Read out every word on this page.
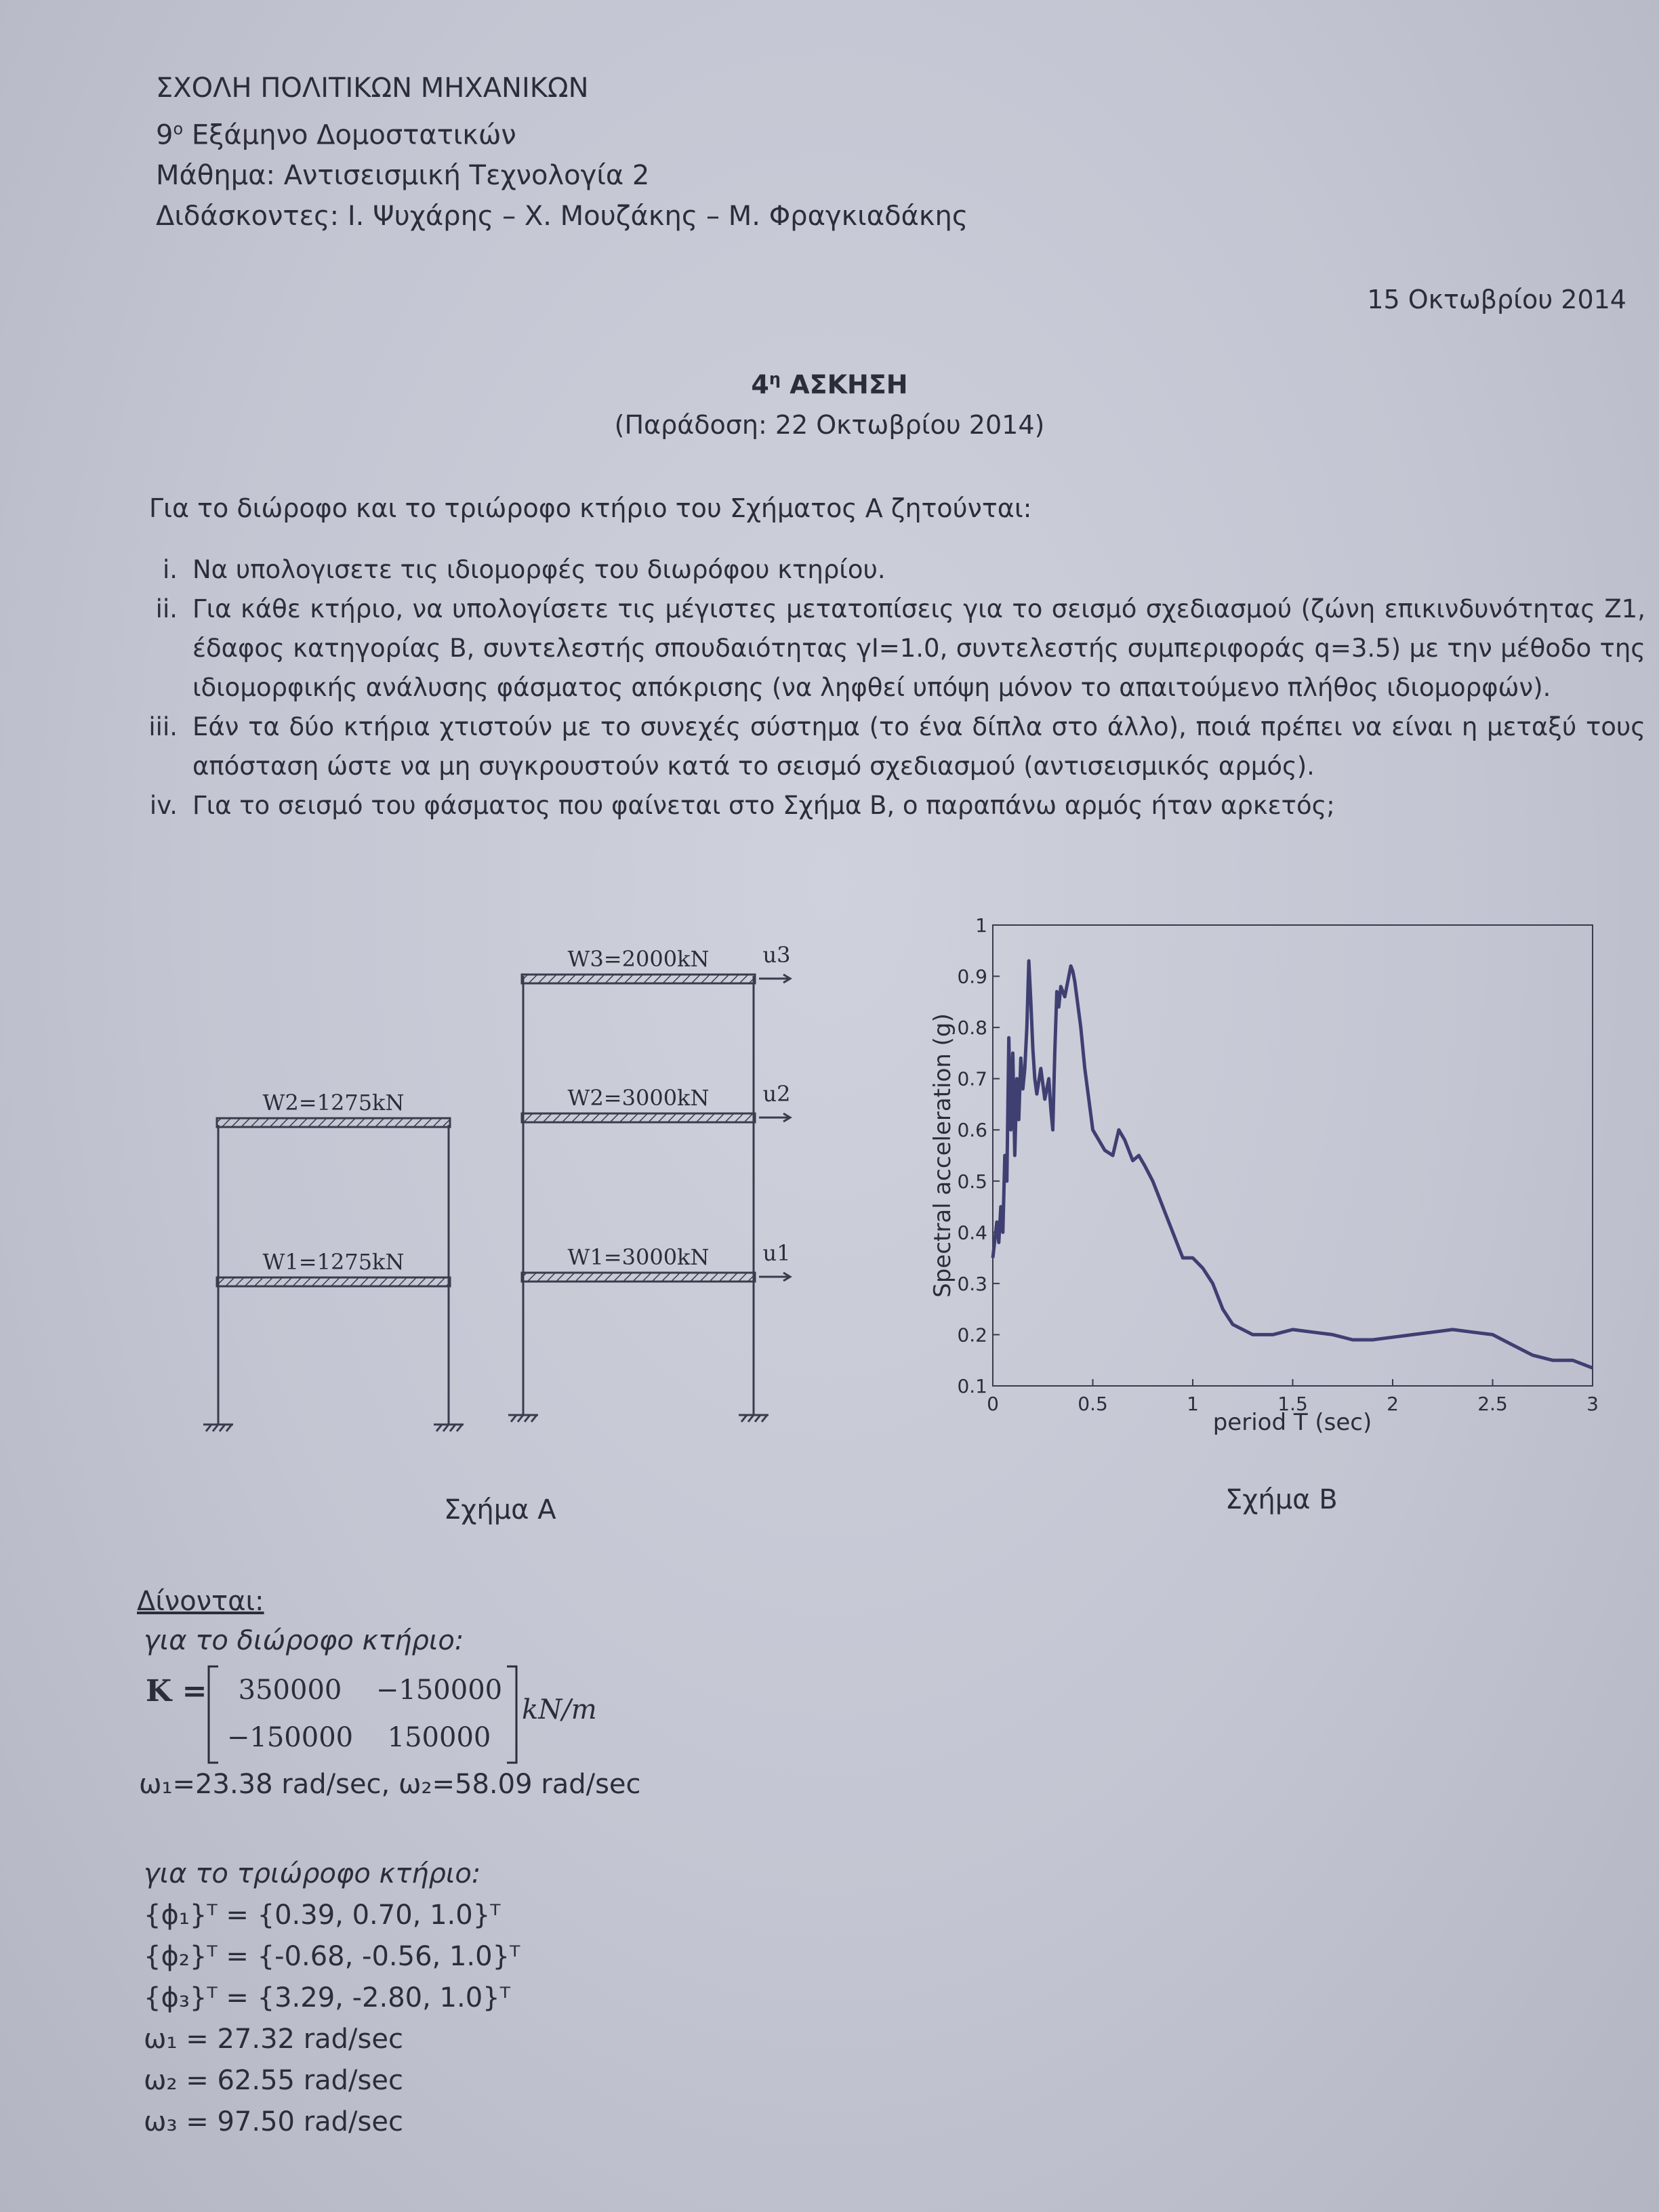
ΣΧΟΛΗ ΠΟΛΙΤΙΚΩΝ ΜΗΧΑΝΙΚΩΝ
$9^o$ Εξάμηνο Δομοστατικών
Μάθημα: Αντισεισμική Τεχνολογία 2
Διδάσκοντες: Ι. Ψυχάρης – Χ. Μουζάκης – Μ. Φραγκιαδάκης
15 Οκτωβρίου 2014
$4^\eta$ ΑΣΚΗΣΗ
(Παράδοση: 22 Οκτωβρίου 2014)
Για το διώροφο και το τριώροφο κτήριο του Σχήματος Α ζητούνται:
i. Να υπολογισετε τις ιδιομορφές του διωρόφου κτηρίου.
ii. Για κάθε κτήριο, να υπολογίσετε τις μέγιστες μετατοπίσεις για το σεισμό σχεδιασμού (ζώνη επικινδυνότητας Ζ1, έδαφος κατηγορίας Β, συντελεστής σπουδαιότητας γI=1.0, συντελεστής συμπεριφοράς q=3.5) με την μέθοδο της ιδιομορφικής ανάλυσης φάσματος απόκρισης (να ληφθεί υπόψη μόνον το απαιτούμενο πλήθος ιδιομορφών).
iii. Εάν τα δύο κτήρια χτιστούν με το συνεχές σύστημα (το ένα δίπλα στο άλλο), ποιά πρέπει να είναι η μεταξύ τους απόσταση ώστε να μη συγκρουστούν κατά το σεισμό σχεδιασμού (αντισεισμικός αρμός).
iv. Για το σεισμό του φάσματος που φαίνεται στο Σχήμα Β, ο παραπάνω αρμός ήταν αρκετός;
W2=1275kN
W1=1275kN
W3=2000kN
W2=3000kN
W1=3000kN
u3
u2
u1
Σχήμα Α
0	0.5	1	1.5	2	2.5	3
0.1
0.2
0.3
0.4
0.5
0.6
0.7
0.8
0.9
1
period T (sec)
Spectral acceleration (g)
Σχήμα Β
Δίνονται:
για το διώροφο κτήριο:
K = 350000 −150000
−150000 150000
kN/m
ω₁=23.38 rad/sec, ω₂=58.09 rad/sec
για το τριώροφο κτήριο:
{ϕ₁}ᵀ = {0.39, 0.70, 1.0}ᵀ
{ϕ₂}ᵀ = {-0.68, -0.56, 1.0}ᵀ
{ϕ₃}ᵀ = {3.29, -2.80, 1.0}ᵀ
ω₁ = 27.32 rad/sec
ω₂ = 62.55 rad/sec
ω₃ = 97.50 rad/sec
